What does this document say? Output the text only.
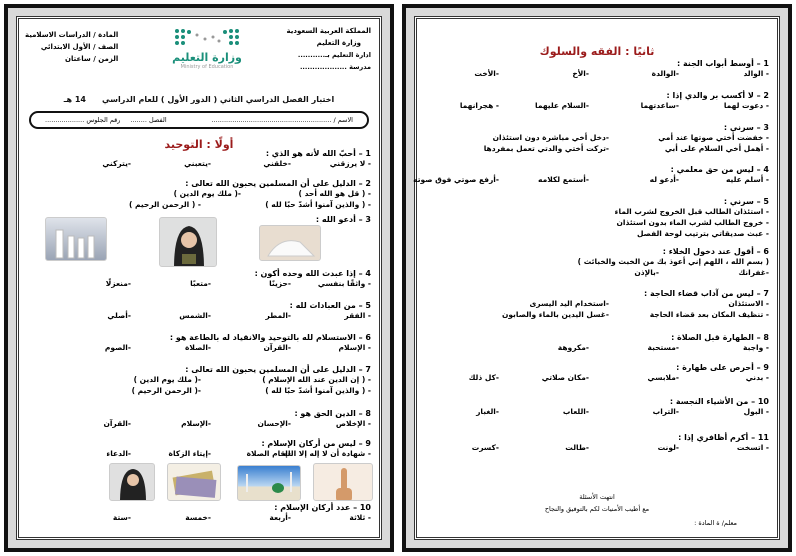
المملكة العربية السعودية
وزارة التعليم
ادارة التعليم بـ...........
مدرسة ...................
وزارة التعليم
Ministry of Education
المادة / الدراسات الاسلامية
الصف / الأول الابتدائي
الزمن / ساعتان
اختبار الفصل الدراسي الثاني ( الدور الأول ) للعام الدراسي
14 هـ
الاسم / ..........................................................
الفصل ........
رقم الجلوس ...................
أولًا : التوحيد
1 – أحبّ الله لأنه هو الذي :
- لا يرزقني
-خلقني
-يتعبني
-يتركني
2 – الدليل على أن المسلمين يحبون الله تعالى :
- ( قل هو الله أحد )
-( ملك يوم الدين )
- ( والذين آمنوا أشدّ حبًا لله )
- ( الرحمن الرحيم )
3 – أدعو الله :
4 – إذا عبدت الله وحده أكون :
- واثقًا بنفسي
-حزينًا
-متعبًا
-منعزلًا
5 – من العبادات لله :
- الفقر
-المطر
-الشمس
-أصلي
6 – الاستسلام لله بالتوحيد والانقياد له بالطاعة هو :
- الإسلام
-القرآن
-الصلاة
-الصوم
7 – الدليل على أن المسلمين يحبون الله تعالى :
- ( إن الدين عند الله الإسلام )
-( ملك يوم الدين )
- ( والذين آمنوا أشدّ حبًا لله )
-( الرحمن الرحيم )
8 – الدين الحق هو :
- الإخلاص
-الإحسان
-الإسلام
-القرآن
9 – ليس من أركان الإسلام :
- شهادة أن لا إله إلا الله
-إقام الصلاة
-إيتاء الزكاة
-الدعاء
10 – عدد أركان الإسلام :
- ثلاثة
-أربعة
-خمسة
-ستة
ثانيًا : الفقه والسلوك
1 – أوسط أبواب الجنة :
- الوالد
-الوالدة
-الأخ
-الأخت
2 – لا أكسب بر والدي إذا :
- دعوت لهما
-ساعدتهما
-السلام عليهما
- هجرانهما
3 – سرني :
- خفضت أختي صوتها عند أمي
-دخل أخي مباشرة دون استئذان
- أهمل أخي السلام على أبي
-تركت أختي والدتي تعمل بمفردها
4 – ليس من حق معلمي :
- أسلم عليه
-أدعو له
-أستمع لكلامه
-أرفع صوتي فوق صوته
5 – سرني :
- استئذان الطالب قبل الخروج لشرب الماء
- خروج الطالب لشرب الماء بدون استئذان
- عبث صديقاتي بترتيب لوحة الفصل
6 – أقول عند دخول الخلاء :
( بسم الله ، اللهم إني أعوذ بك من الخبث والخبائث )
-غفرانك
-بالإذن
7 – ليس من آداب قضاء الحاجة :
- الاستئذان
-استخدام اليد اليسرى
- تنظيف المكان بعد قضاء الحاجة
-غسل اليدين بالماء والصابون
8 – الطهارة قبل الصلاة :
- واجبة
-مستحبة
-مكروهة
9 – أحرص على طهارة :
- بدني
-ملابسي
-مكان صلاتي
-كل ذلك
10 – من الأشياء النجسة :
- البول
-التراب
-اللعاب
-الغبار
11 – أكرم أظافري إذا :
- اتسخت
-لونت
-طالت
-كسرت
انتهت الأسئلة
مع أطيب الأمنيات لكم بالتوفيق والنجاح
معلم/ ة المادة :
